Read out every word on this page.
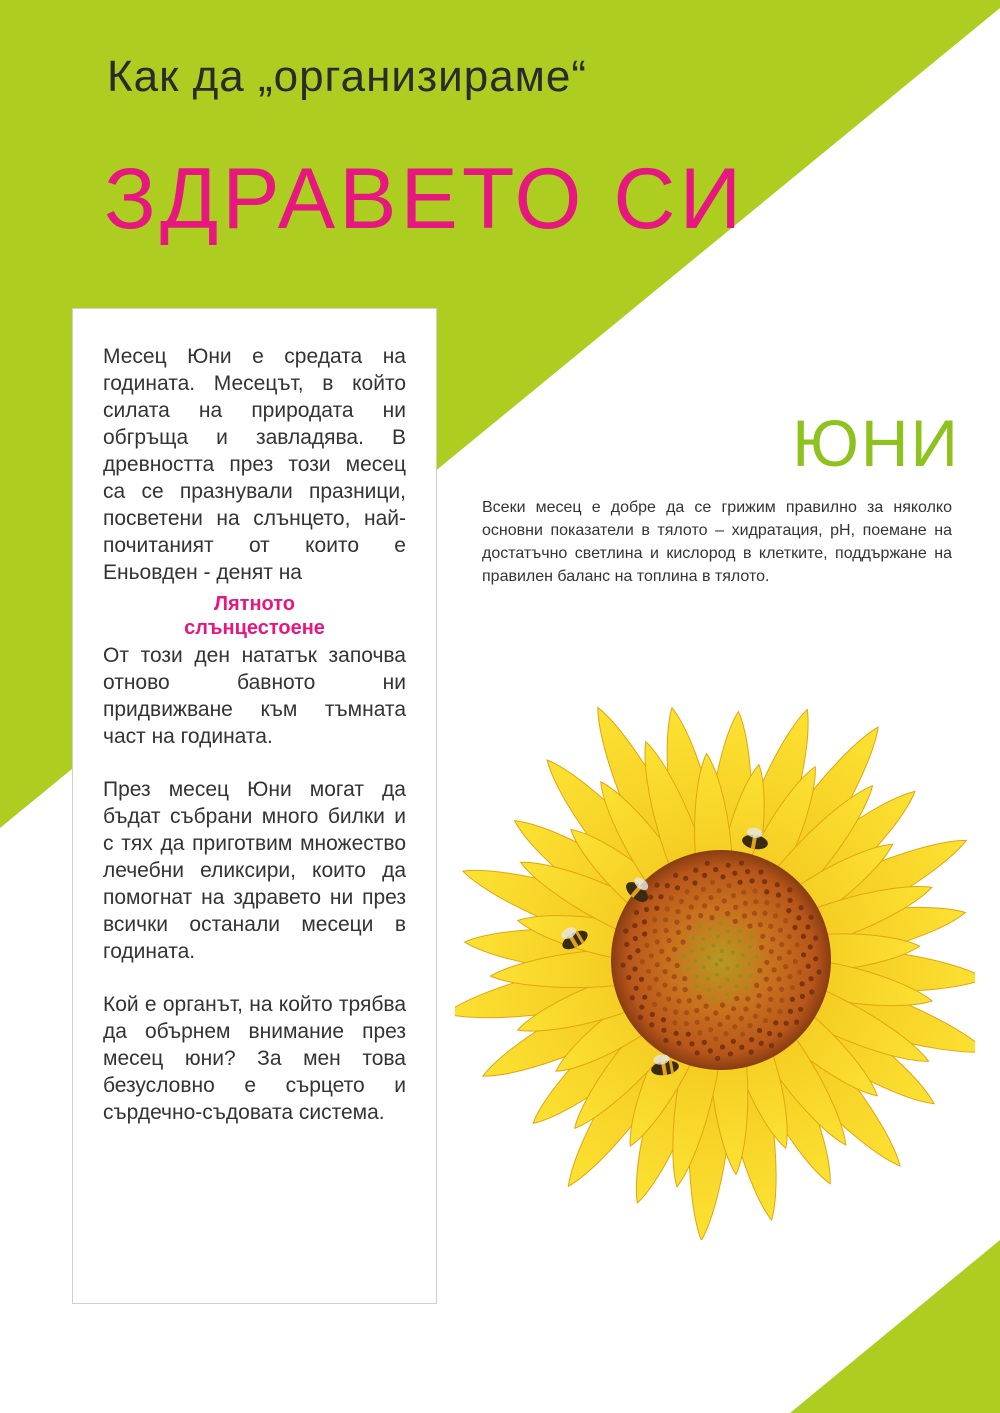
Как да „организираме“
ЗДРАВЕТО СИ

Месец Юни е средата на годината. Месецът, в който силата на природата ни обгръща и завладява. В древността през този месец са се празнували празници, посветени на слънцето, най-почитаният от които е Еньовден - денят на

Лятното
слънцестоене

От този ден нататък започва отново бавното ни придвижване към тъмната част на годината.

През месец Юни могат да бъдат събрани много билки и с тях да приготвим множество лечебни еликсири, които да помогнат на здравето ни през всички останали месеци в годината.

Кой е органът, на който трябва да обърнем внимание през месец юни? За мен това безусловно е сърцето и сърдечно-съдовата система.

ЮНИ

Всеки месец е добре да се грижим правилно за няколко основни показатели в тялото – хидратация, pH, поемане на достатъчно светлина и кислород в клетките, поддържане на правилен баланс на топлина в тялото.
